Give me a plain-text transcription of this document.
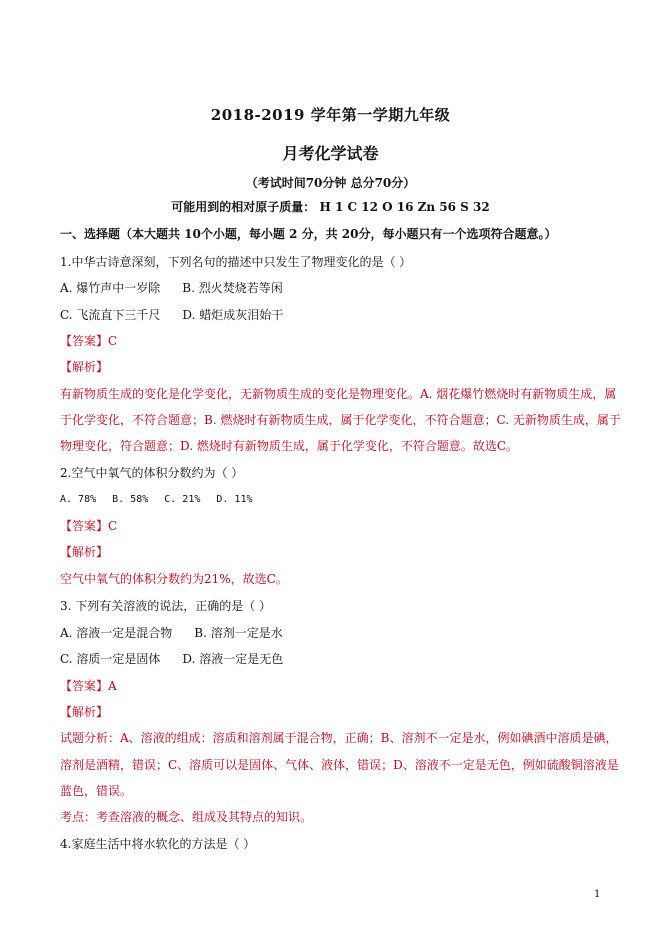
2018-2019 学年第一学期九年级
月考化学试卷
（考试时间70分钟 总分70分）
可能用到的相对原子质量： H 1 C 12 O 16 Zn 56 S 32
一、选择题（本大题共 10个小题，每小题 2 分，共 20分，每小题只有一个选项符合题意。）
1.中华古诗意深刻，下列名句的描述中只发生了物理变化的是（ ）
A. 爆竹声中一岁除 B. 烈火焚烧若等闲
C. 飞流直下三千尺 D. 蜡炬成灰泪始干
【答案】C
【解析】
有新物质生成的变化是化学变化，无新物质生成的变化是物理变化。A. 烟花爆竹燃烧时有新物质生成，属
于化学变化，不符合题意；B. 燃烧时有新物质生成，属于化学变化，不符合题意；C. 无新物质生成，属于
物理变化，符合题意；D. 燃烧时有新物质生成，属于化学变化，不符合题意。故选C。
2.空气中氧气的体积分数约为（ ）
A. 78% B. 58% C. 21% D. 11%
【答案】C
【解析】
空气中氧气的体积分数约为21%，故选C。
3. 下列有关溶液的说法，正确的是（ ）
A. 溶液一定是混合物 B. 溶剂一定是水
C. 溶质一定是固体 D. 溶液一定是无色
【答案】A
【解析】
试题分析：A、溶液的组成：溶质和溶剂属于混合物，正确；B、溶剂不一定是水，例如碘酒中溶质是碘，
溶剂是酒精，错误；C、溶质可以是固体、气体、液体，错误；D、溶液不一定是无色，例如硫酸铜溶液是
蓝色，错误。
考点：考查溶液的概念、组成及其特点的知识。
4.家庭生活中将水软化的方法是（ ）
1
